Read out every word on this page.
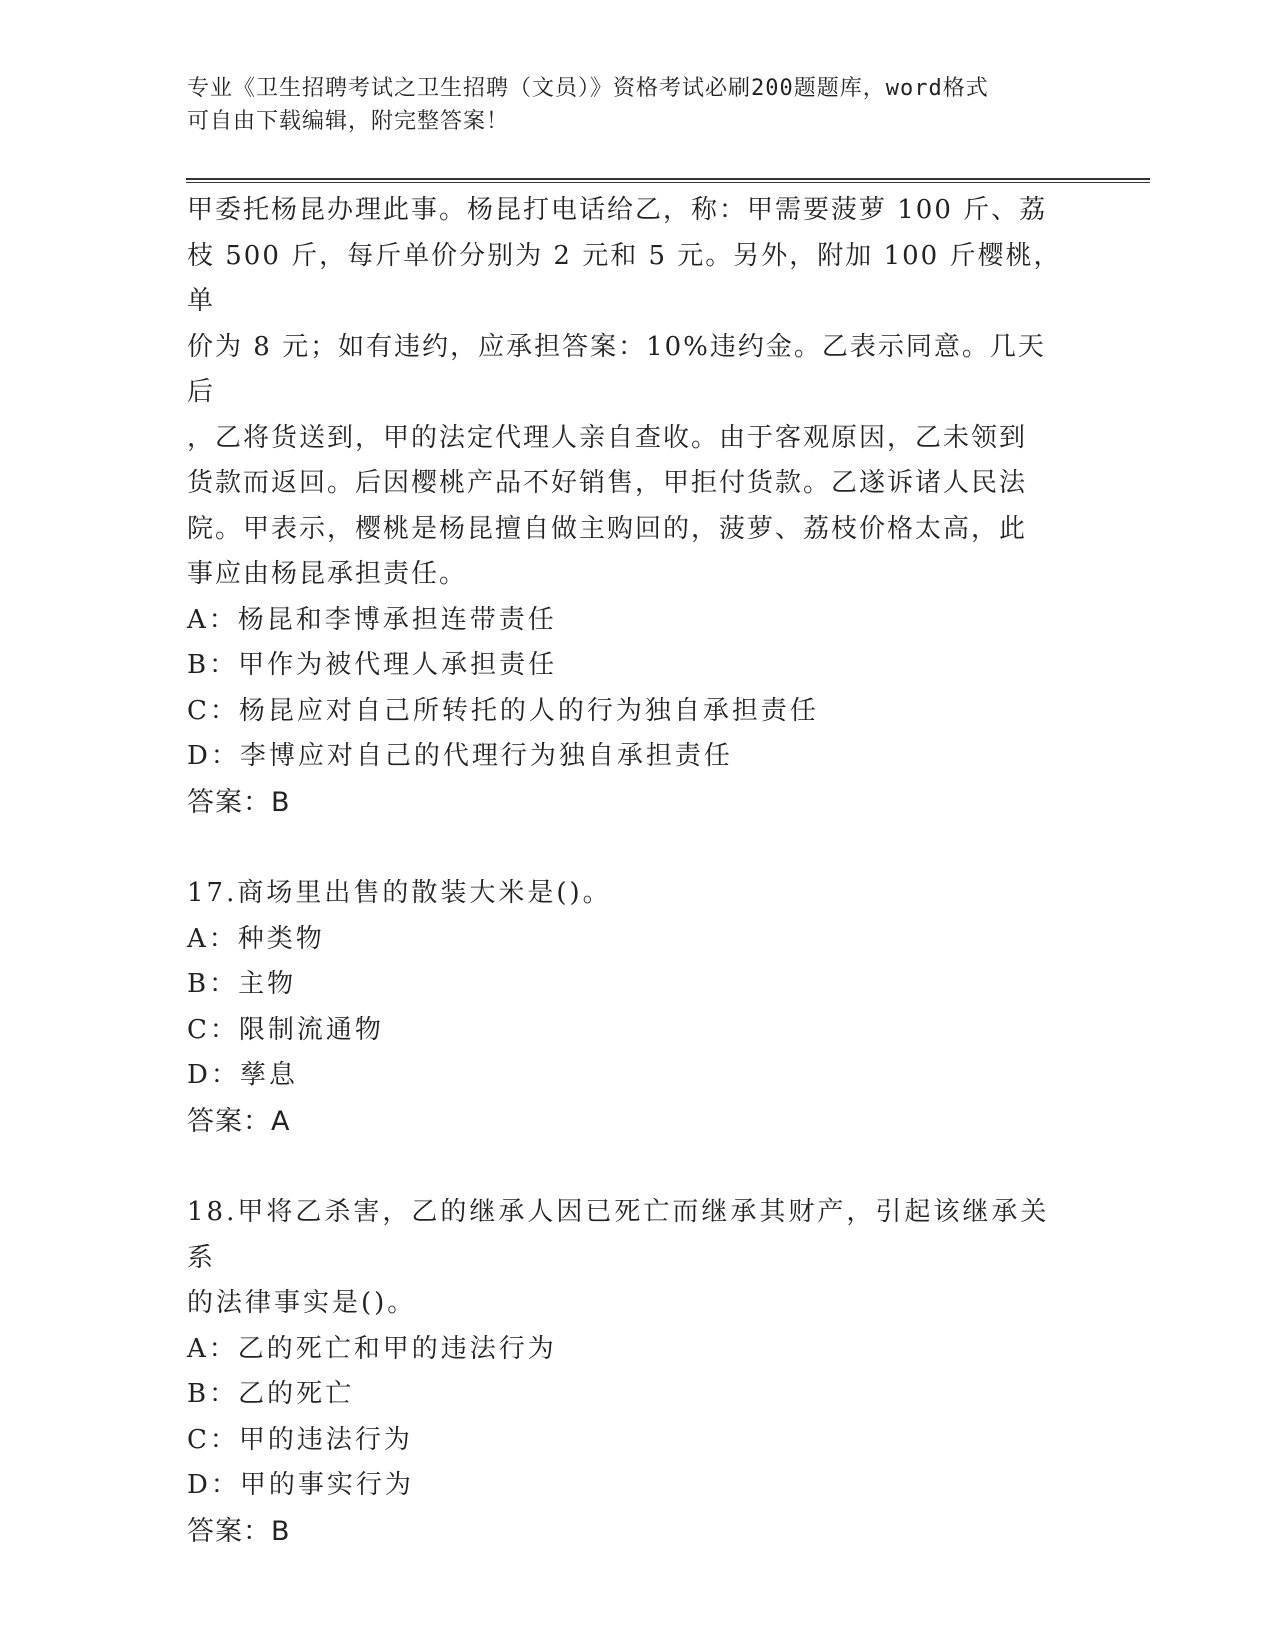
专业《卫生招聘考试之卫生招聘（文员）》资格考试必刷200题题库，word格式
可自由下载编辑，附完整答案！

甲委托杨昆办理此事。杨昆打电话给乙，称：甲需要菠萝 100 斤、荔

枝 500 斤，每斤单价分别为 2 元和 5 元。另外，附加 100 斤樱桃，单

价为 8 元；如有违约，应承担答案：10%违约金。乙表示同意。几天后

，乙将货送到，甲的法定代理人亲自查收。由于客观原因，乙未领到

货款而返回。后因樱桃产品不好销售，甲拒付货款。乙遂诉诸人民法

院。甲表示，樱桃是杨昆擅自做主购回的，菠萝、荔枝价格太高，此

事应由杨昆承担责任。

A：杨昆和李博承担连带责任

B：甲作为被代理人承担责任

C：杨昆应对自己所转托的人的行为独自承担责任

D：李博应对自己的代理行为独自承担责任

答案：B

17.商场里出售的散装大米是()。

A：种类物

B：主物

C：限制流通物

D：孳息

答案：A

18.甲将乙杀害，乙的继承人因已死亡而继承其财产，引起该继承关系

的法律事实是()。

A：乙的死亡和甲的违法行为

B：乙的死亡

C：甲的违法行为

D：甲的事实行为

答案：B
